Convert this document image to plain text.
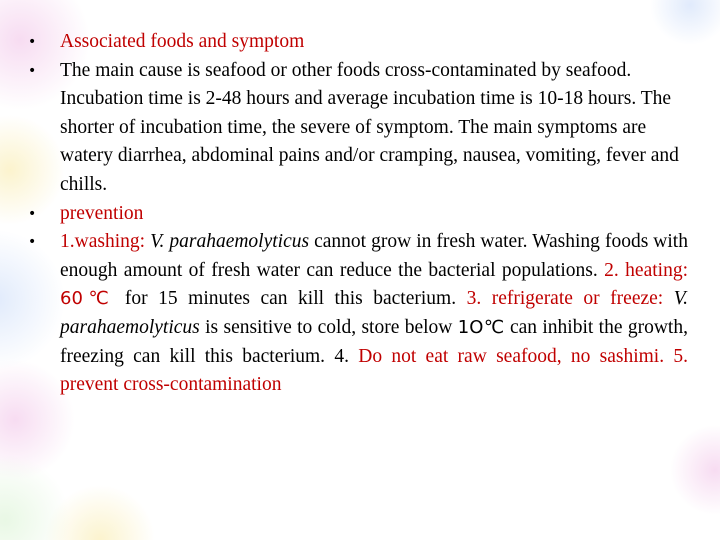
•	Associated foods and symptom
•	The main cause is seafood or other foods cross-contaminated by seafood. Incubation time is 2-48 hours and average incubation time is 10-18 hours. The shorter of incubation time, the severe of symptom. The main symptoms are watery diarrhea, abdominal pains and/or cramping, nausea, vomiting, fever and chills.
•	prevention
•	1.washing: V. parahaemolyticus cannot grow in fresh water. Washing foods with enough amount of fresh water can reduce the bacterial populations. 2. heating: 60℃ for 15 minutes can kill this bacterium. 3. refrigerate or freeze: V. parahaemolyticus is sensitive to cold, store below 1O℃ can inhibit the growth, freezing can kill this bacterium. 4. Do not eat raw seafood, no sashimi. 5. prevent cross-contamination
